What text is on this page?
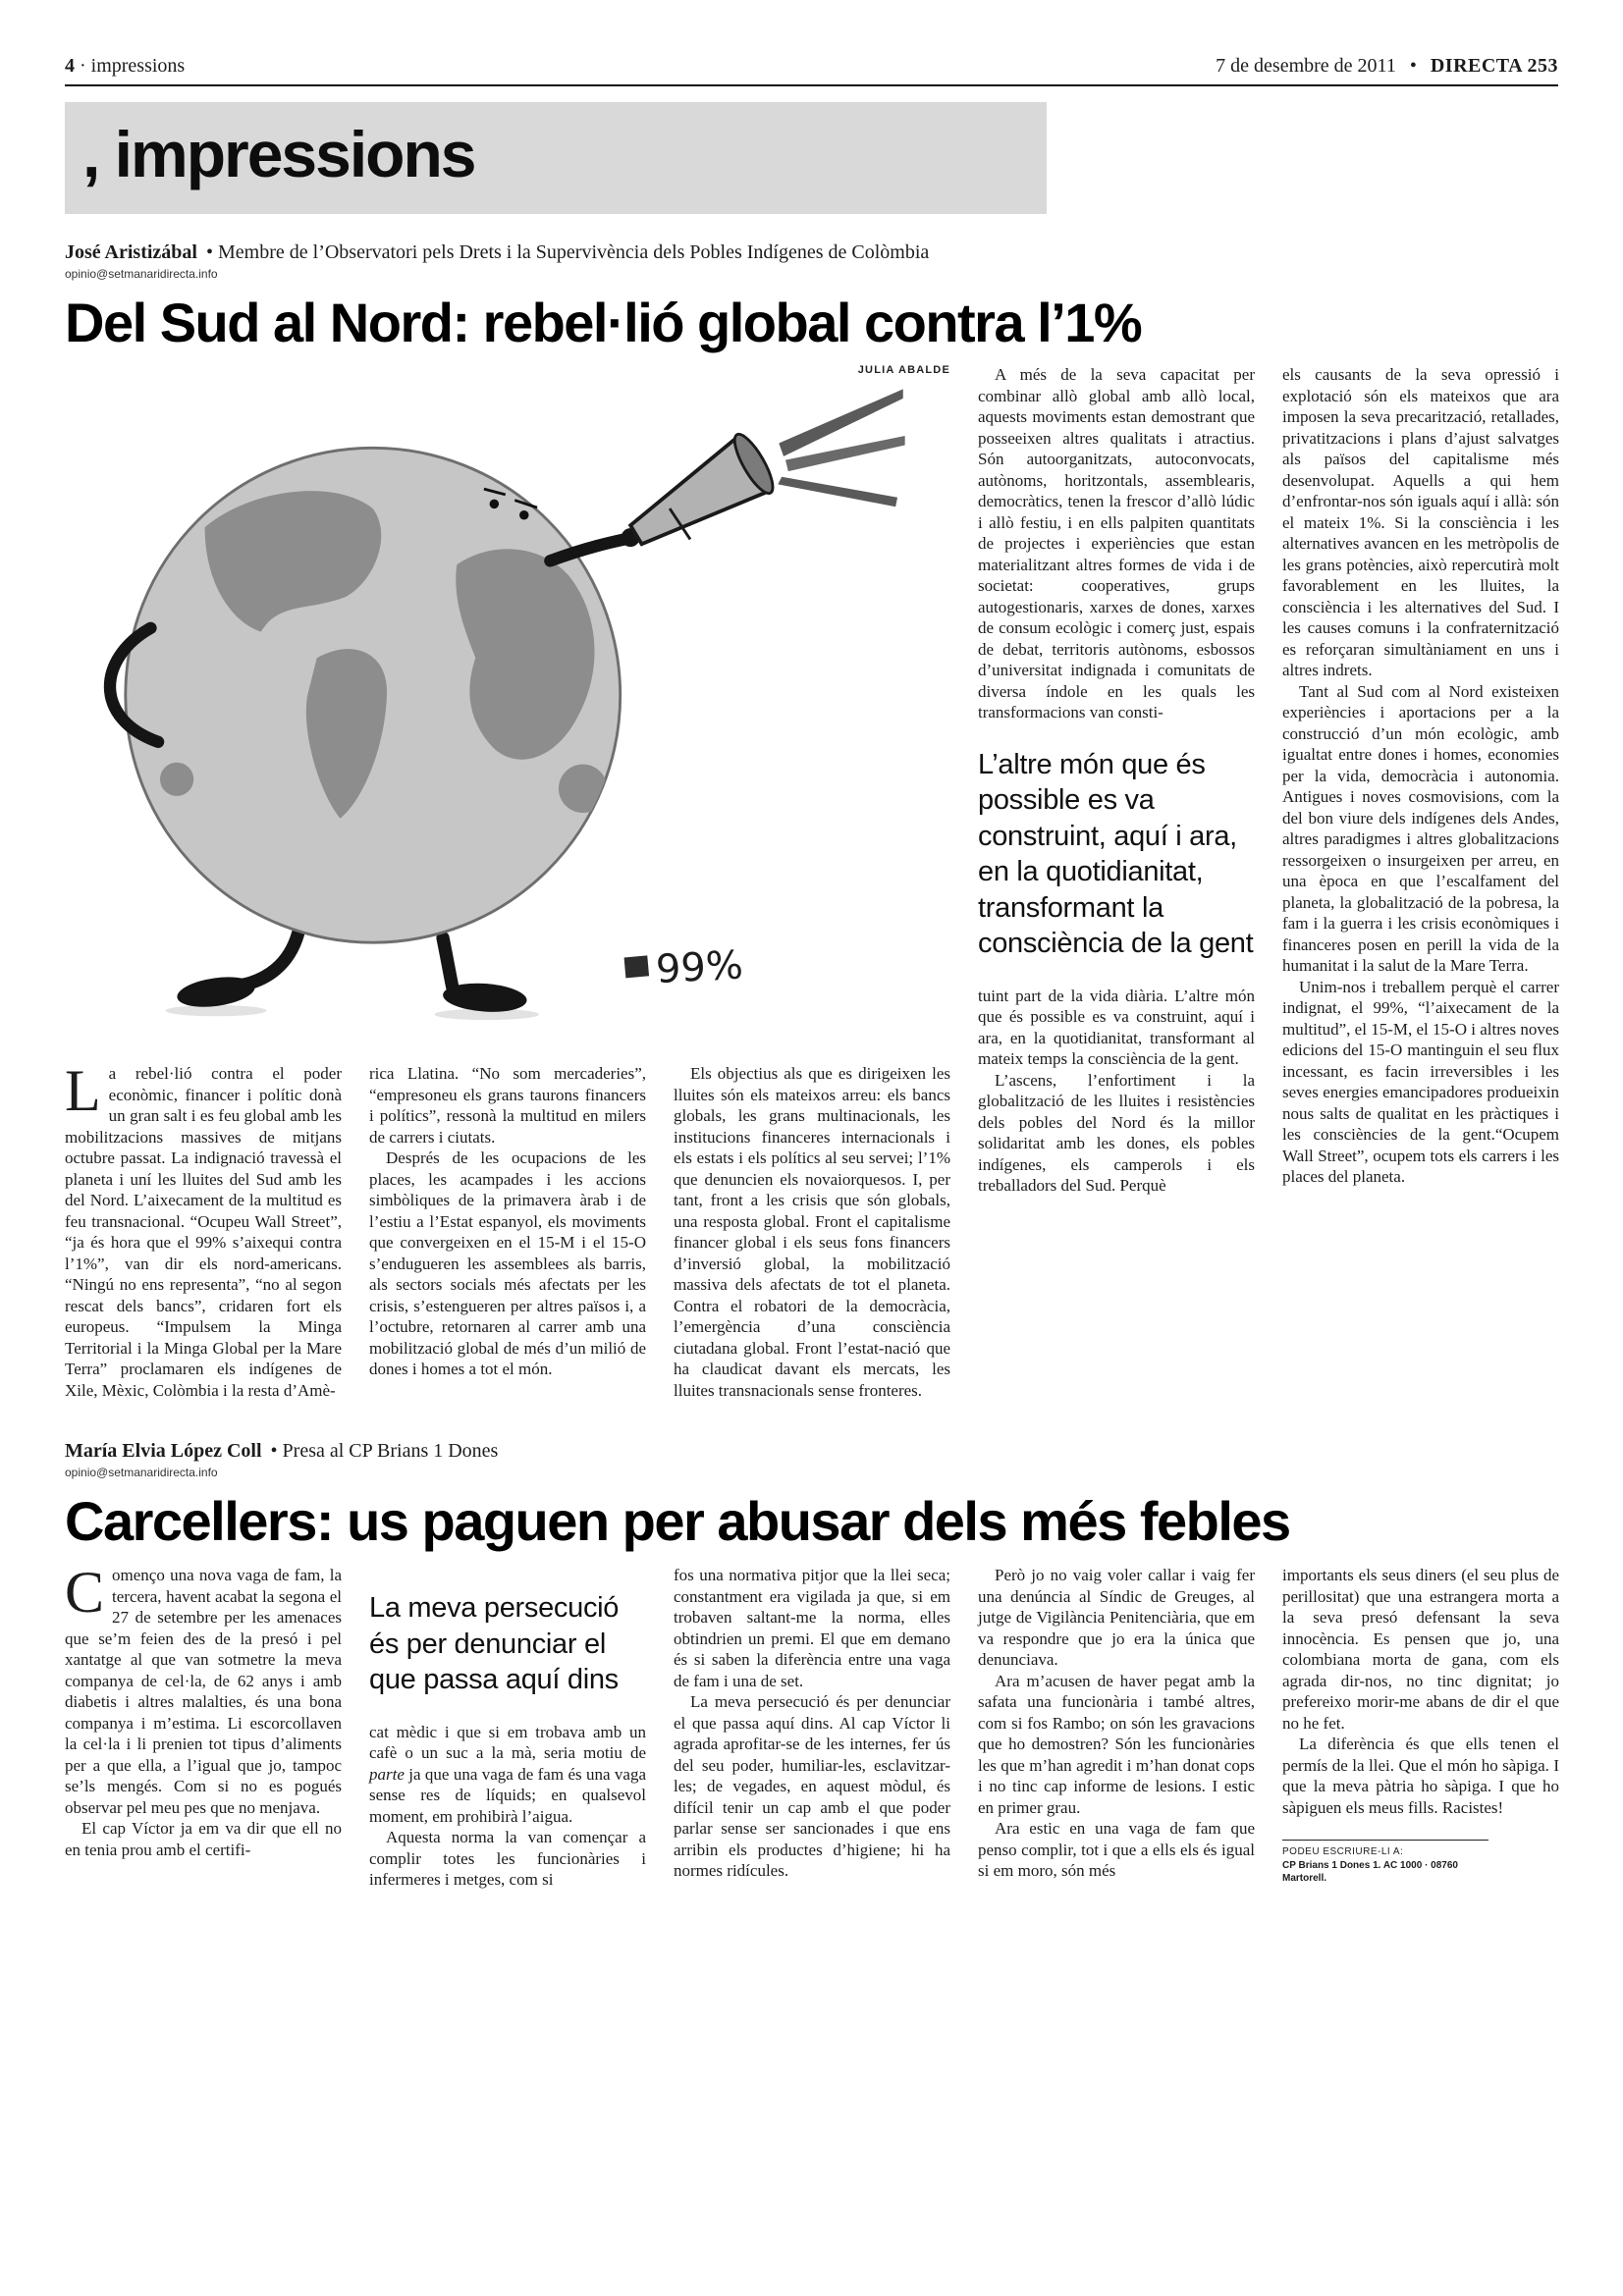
4 · impressions	7 de desembre de 2011 • DIRECTA 253
, impressions
José Aristizábal • Membre de l’Observatori pels Drets i la Supervivència dels Pobles Indígenes de Colòmbia
opinio@setmanaridirecta.info
Del Sud al Nord: rebel·lió global contra l’1%
JULIA ABALDE
99%

La rebel·lió contra el poder econòmic, financer i polític donà un gran salt i es feu global amb les mobilitzacions massives de mitjans octubre passat. La indignació travessà el planeta i uní les lluites del Sud amb les del Nord. L’aixecament de la multitud es feu transnacional. “Ocupeu Wall Street”, “ja és hora que el 99% s’aixequi contra l’1%”, van dir els nord-americans. “Ningú no ens representa”, “no al segon rescat dels bancs”, cridaren fort els europeus. “Impulsem la Minga Territorial i la Minga Global per la Mare Terra” proclamaren els indígenes de Xile, Mèxic, Colòmbia i la resta d’Amè-

rica Llatina. “No som mercaderies”, “empresoneu els grans taurons financers i polítics”, ressonà la multitud en milers de carrers i ciutats.

Després de les ocupacions de les places, les acampades i les accions simbòliques de la primavera àrab i de l’estiu a l’Estat espanyol, els moviments que convergeixen en el 15-M i el 15-O s’endugueren les assemblees als barris, als sectors socials més afectats per les crisis, s’estengueren per altres països i, a l’octubre, retornaren al carrer amb una mobilització global de més d’un milió de dones i homes a tot el món.

Els objectius als que es dirigeixen les lluites són els mateixos arreu: els bancs globals, les grans multinacionals, les institucions financeres internacionals i els estats i els polítics al seu servei; l’1% que denuncien els novaiorquesos. I, per tant, front a les crisis que són globals, una resposta global. Front el capitalisme financer global i els seus fons financers d’inversió global, la mobilització massiva dels afectats de tot el planeta. Contra el robatori de la democràcia, l’emergència d’una consciència ciutadana global. Front l’estat-nació que ha claudicat davant els mercats, les lluites transnacionals sense fronteres.

A més de la seva capacitat per combinar allò global amb allò local, aquests moviments estan demostrant que posseeixen altres qualitats i atractius. Són autoorganitzats, autoconvocats, autònoms, horitzontals, assemblearis, democràtics, tenen la frescor d’allò lúdic i allò festiu, i en ells palpiten quantitats de projectes i experiències que estan materialitzant altres formes de vida i de societat: cooperatives, grups autogestionaris, xarxes de dones, xarxes de consum ecològic i comerç just, espais de debat, territoris autònoms, esbossos d’universitat indignada i comunitats de diversa índole en les quals les transformacions van consti-

L’altre món que és possible es va construint, aquí i ara, en la quotidianitat, transformant la consciència de la gent

tuint part de la vida diària. L’altre món que és possible es va construint, aquí i ara, en la quotidianitat, transformant al mateix temps la consciència de la gent.

L’ascens, l’enfortiment i la globalització de les lluites i resistències dels pobles del Nord és la millor solidaritat amb les dones, els pobles indígenes, els camperols i els treballadors del Sud. Perquè

els causants de la seva opressió i explotació són els mateixos que ara imposen la seva precarització, retallades, privatitzacions i plans d’ajust salvatges als països del capitalisme més desenvolupat. Aquells a qui hem d’enfrontar-nos són iguals aquí i allà: són el mateix 1%. Si la consciència i les alternatives avancen en les metròpolis de les grans potències, això repercutirà molt favorablement en les lluites, la consciència i les alternatives del Sud. I les causes comuns i la confraternització es reforçaran simultàniament en uns i altres indrets.

Tant al Sud com al Nord existeixen experiències i aportacions per a la construcció d’un món ecològic, amb igualtat entre dones i homes, economies per la vida, democràcia i autonomia. Antigues i noves cosmovisions, com la del bon viure dels indígenes dels Andes, altres paradigmes i altres globalitzacions ressorgeixen o insurgeixen per arreu, en una època en que l’escalfament del planeta, la globalització de la pobresa, la fam i la guerra i les crisis econòmiques i financeres posen en perill la vida de la humanitat i la salut de la Mare Terra.

Unim-nos i treballem perquè el carrer indignat, el 99%, “l’aixecament de la multitud”, el 15-M, el 15-O i altres noves edicions del 15-O mantinguin el seu flux incessant, es facin irreversibles i les seves energies emancipadores produeixin nous salts de qualitat en les pràctiques i les consciències de la gent.“Ocupem Wall Street”, ocupem tots els carrers i les places del planeta.

María Elvia López Coll • Presa al CP Brians 1 Dones
opinio@setmanaridirecta.info
Carcellers: us paguen per abusar dels més febles

Començo una nova vaga de fam, la tercera, havent acabat la segona el 27 de setembre per les amenaces que se’m feien des de la presó i pel xantatge al que van sotmetre la meva companya de cel·la, de 62 anys i amb diabetis i altres malalties, és una bona companya i m’estima. Li escorcollaven la cel·la i li prenien tot tipus d’aliments per a que ella, a l’igual que jo, tampoc se’ls mengés. Com si no es pogués observar pel meu pes que no menjava.

El cap Víctor ja em va dir que ell no en tenia prou amb el certifi-

La meva persecució és per denunciar el que passa aquí dins

cat mèdic i que si em trobava amb un cafè o un suc a la mà, seria motiu de parte ja que una vaga de fam és una vaga sense res de líquids; en qualsevol moment, em prohibirà l’aigua.

Aquesta norma la van començar a complir totes les funcionàries i infermeres i metges, com si

fos una normativa pitjor que la llei seca; constantment era vigilada ja que, si em trobaven saltant-me la norma, elles obtindrien un premi. El que em demano és si saben la diferència entre una vaga de fam i una de set.

La meva persecució és per denunciar el que passa aquí dins. Al cap Víctor li agrada aprofitar-se de les internes, fer ús del seu poder, humiliar-les, esclavitzar-les; de vegades, en aquest mòdul, és difícil tenir un cap amb el que poder parlar sense ser sancionades i que ens arribin els productes d’higiene; hi ha normes ridícules.

Però jo no vaig voler callar i vaig fer una denúncia al Síndic de Greuges, al jutge de Vigilància Penitenciària, que em va respondre que jo era la única que denunciava.

Ara m’acusen de haver pegat amb la safata una funcionària i també altres, com si fos Rambo; on són les gravacions que ho demostren? Són les funcionàries les que m’han agredit i m’han donat cops i no tinc cap informe de lesions. I estic en primer grau.

Ara estic en una vaga de fam que penso complir, tot i que a ells els és igual si em moro, són més

importants els seus diners (el seu plus de perillositat) que una estrangera morta a la seva presó defensant la seva innocència. Es pensen que jo, una colombiana morta de gana, com els agrada dir-nos, no tinc dignitat; jo prefereixo morir-me abans de dir el que no he fet.

La diferència és que ells tenen el permís de la llei. Que el món ho sàpiga. I que la meva pàtria ho sàpiga. I que ho sàpiguen els meus fills. Racistes!

PODEU ESCRIURE-LI A:
CP Brians 1 Dones 1. AC 1000 · 08760 Martorell.
